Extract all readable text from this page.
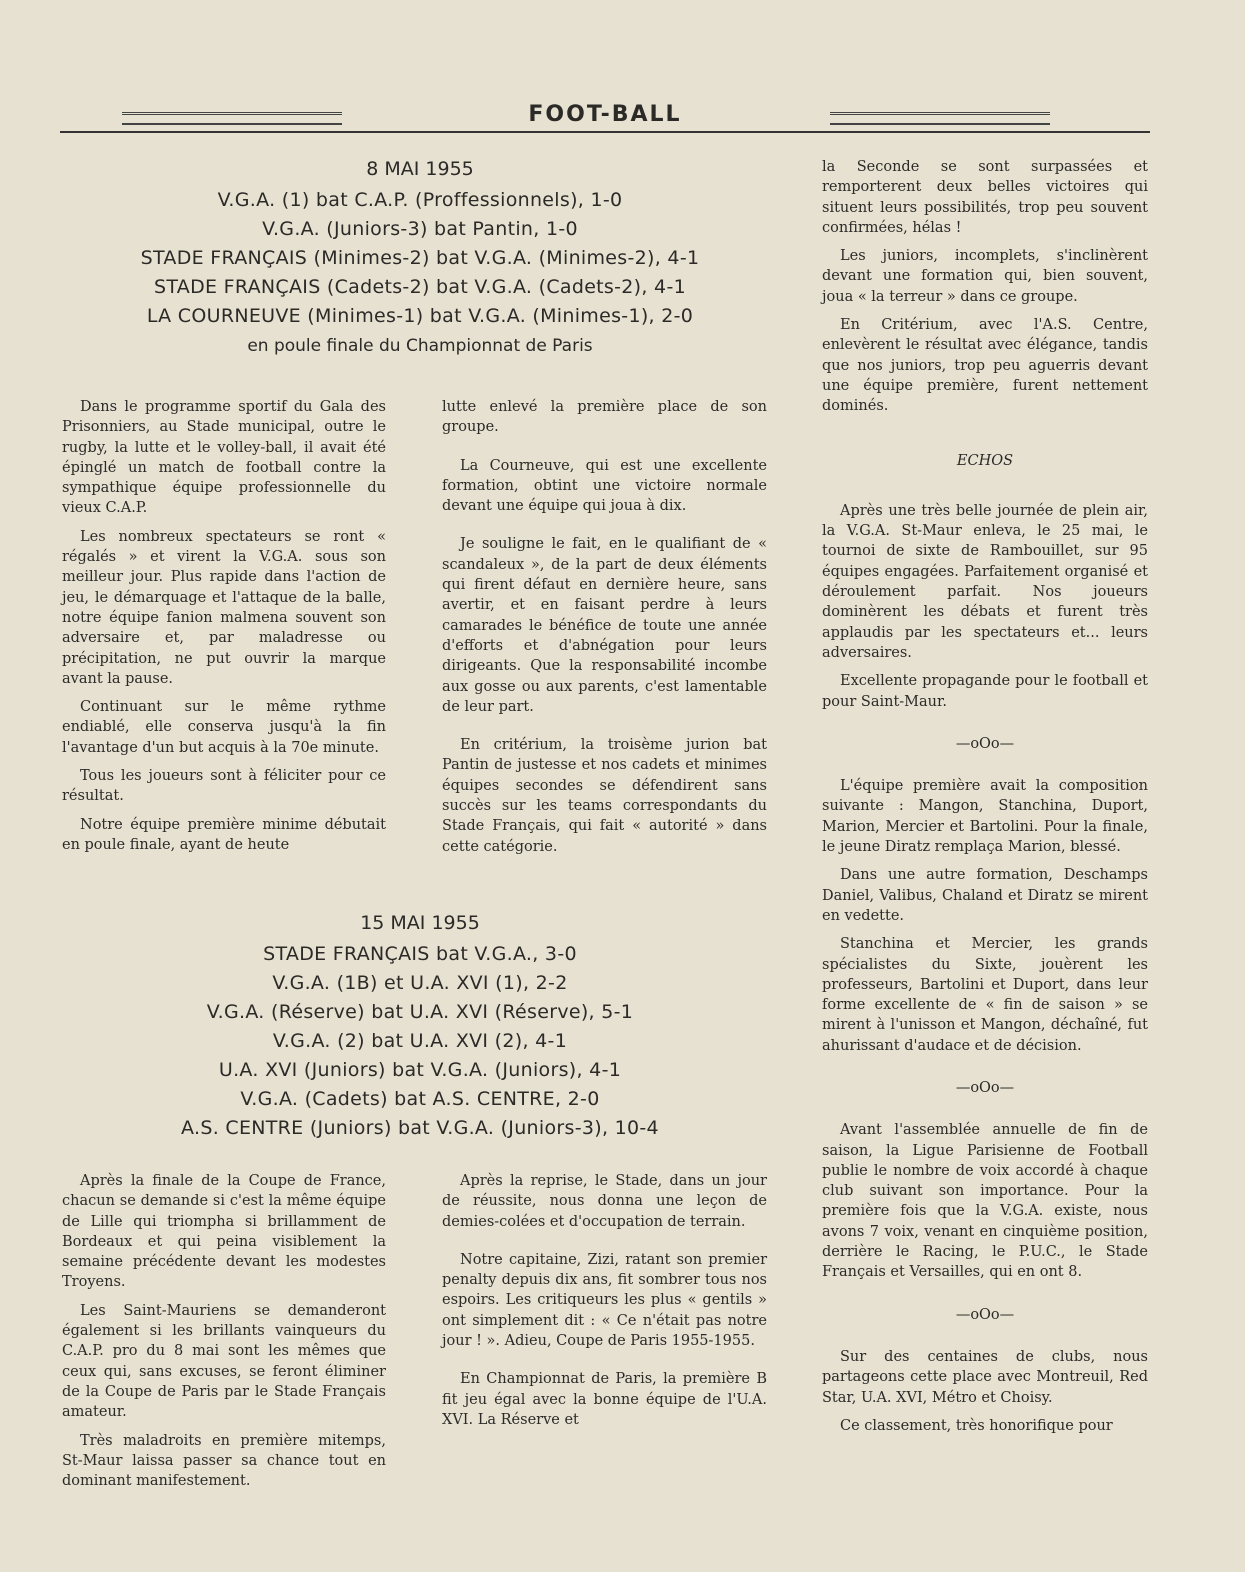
FOOT-BALL
8 MAI 1955
V.G.A. (1) bat C.A.P. (Proffessionnels), 1-0
V.G.A. (Juniors-3) bat Pantin, 1-0
STADE FRANÇAIS (Minimes-2) bat V.G.A. (Minimes-2), 4-1
STADE FRANÇAIS (Cadets-2) bat V.G.A. (Cadets-2), 4-1
LA COURNEUVE (Minimes-1) bat V.G.A. (Minimes-1), 2-0
en poule finale du Championnat de Paris

Dans le programme sportif du Gala des Prisonniers, au Stade municipal, outre le rugby, la lutte et le volley-ball, il avait été épinglé un match de football contre la sympathique équipe professionnelle du vieux C.A.P.

Les nombreux spectateurs se ront « régalés » et virent la V.G.A. sous son meilleur jour. Plus rapide dans l'action de jeu, le démarquage et l'attaque de la balle, notre équipe fanion malmena souvent son adversaire et, par maladresse ou précipitation, ne put ouvrir la marque avant la pause.

Continuant sur le même rythme endiablé, elle conserva jusqu'à la fin l'avantage d'un but acquis à la 70e minute.

Tous les joueurs sont à féliciter pour ce résultat.

Notre équipe première minime débutait en poule finale, ayant de heute

lutte enlevé la première place de son groupe.

La Courneuve, qui est une excellente formation, obtint une victoire normale devant une équipe qui joua à dix.

Je souligne le fait, en le qualifiant de « scandaleux », de la part de deux éléments qui firent défaut en dernière heure, sans avertir, et en faisant perdre à leurs camarades le bénéfice de toute une année d'efforts et d'abnégation pour leurs dirigeants. Que la responsabilité incombe aux gosse ou aux parents, c'est lamentable de leur part.

En critérium, la troisème jurion bat Pantin de justesse et nos cadets et minimes équipes secondes se défendirent sans succès sur les teams correspondants du Stade Français, qui fait « autorité » dans cette catégorie.

15 MAI 1955
STADE FRANÇAIS bat V.G.A., 3-0
V.G.A. (1B) et U.A. XVI (1), 2-2
V.G.A. (Réserve) bat U.A. XVI (Réserve), 5-1
V.G.A. (2) bat U.A. XVI (2), 4-1
U.A. XVI (Juniors) bat V.G.A. (Juniors), 4-1
V.G.A. (Cadets) bat A.S. CENTRE, 2-0
A.S. CENTRE (Juniors) bat V.G.A. (Juniors-3), 10-4

Après la finale de la Coupe de France, chacun se demande si c'est la même équipe de Lille qui triompha si brillamment de Bordeaux et qui peina visiblement la semaine précédente devant les modestes Troyens.

Les Saint-Mauriens se demanderont également si les brillants vainqueurs du C.A.P. pro du 8 mai sont les mêmes que ceux qui, sans excuses, se feront éliminer de la Coupe de Paris par le Stade Français amateur.

Très maladroits en première mitemps, St-Maur laissa passer sa chance tout en dominant manifestement.

Après la reprise, le Stade, dans un jour de réussite, nous donna une leçon de demies-colées et d'occupation de terrain.

Notre capitaine, Zizi, ratant son premier penalty depuis dix ans, fit sombrer tous nos espoirs. Les critiqueurs les plus « gentils » ont simplement dit : « Ce n'était pas notre jour ! ». Adieu, Coupe de Paris 1955-1955.

En Championnat de Paris, la première B fit jeu égal avec la bonne équipe de l'U.A. XVI. La Réserve et

la Seconde se sont surpassées et remporterent deux belles victoires qui situent leurs possibilités, trop peu souvent confirmées, hélas !

Les juniors, incomplets, s'inclinèrent devant une formation qui, bien souvent, joua « la terreur » dans ce groupe.

En Critérium, avec l'A.S. Centre, enlevèrent le résultat avec élégance, tandis que nos juniors, trop peu aguerris devant une équipe première, furent nettement dominés.

ECHOS

Après une très belle journée de plein air, la V.G.A. St-Maur enleva, le 25 mai, le tournoi de sixte de Rambouillet, sur 95 équipes engagées. Parfaitement organisé et déroulement parfait. Nos joueurs dominèrent les débats et furent très applaudis par les spectateurs et... leurs adversaires.

Excellente propagande pour le football et pour Saint-Maur.

—oOo—

L'équipe première avait la composition suivante : Mangon, Stanchina, Duport, Marion, Mercier et Bartolini. Pour la finale, le jeune Diratz remplaça Marion, blessé.

Dans une autre formation, Deschamps Daniel, Valibus, Chaland et Diratz se mirent en vedette.

Stanchina et Mercier, les grands spécialistes du Sixte, jouèrent les professeurs, Bartolini et Duport, dans leur forme excellente de « fin de saison » se mirent à l'unisson et Mangon, déchaîné, fut ahurissant d'audace et de décision.

—oOo—

Avant l'assemblée annuelle de fin de saison, la Ligue Parisienne de Football publie le nombre de voix accordé à chaque club suivant son importance. Pour la première fois que la V.G.A. existe, nous avons 7 voix, venant en cinquième position, derrière le Racing, le P.U.C., le Stade Français et Versailles, qui en ont 8.

—oOo—

Sur des centaines de clubs, nous partageons cette place avec Montreuil, Red Star, U.A. XVI, Métro et Choisy.

Ce classement, très honorifique pour
